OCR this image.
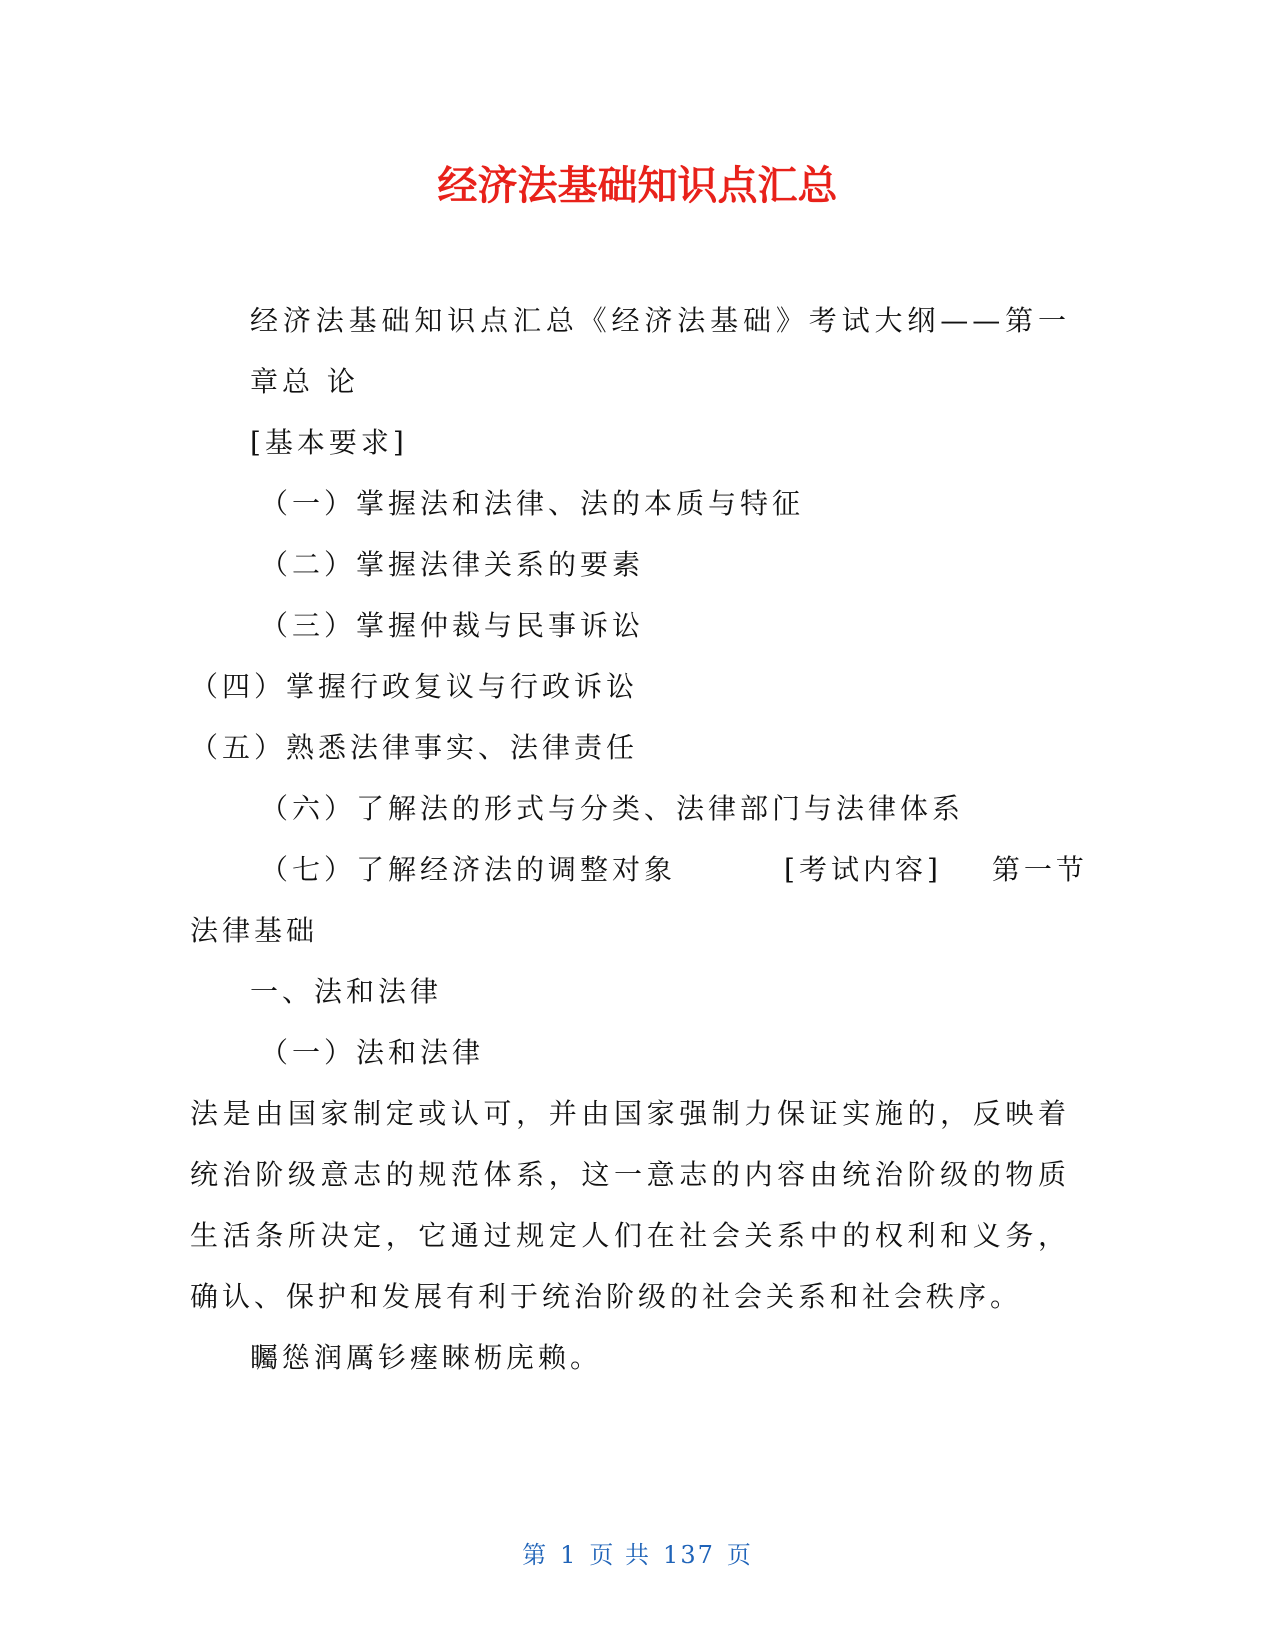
经济法基础知识点汇总

经济法基础知识点汇总《经济法基础》考试大纲——第一章总 论

[基本要求]

（一）掌握法和法律、法的本质与特征

（二）掌握法律关系的要素

（三）掌握仲裁与民事诉讼

（四）掌握行政复议与行政诉讼

（五）熟悉法律事实、法律责任

（六）了解法的形式与分类、法律部门与法律体系

（七）了解经济法的调整对象	[考试内容] 第一节

法律基础

一、法和法律

（一）法和法律

法是由国家制定或认可，并由国家强制力保证实施的，反映着统治阶级意志的规范体系，这一意志的内容由统治阶级的物质生活条所决定，它通过规定人们在社会关系中的权利和义务，确认、保护和发展有利于统治阶级的社会关系和社会秩序。

矚慫润厲钐瘗睞枥庑赖。

第 1 页 共 137 页
